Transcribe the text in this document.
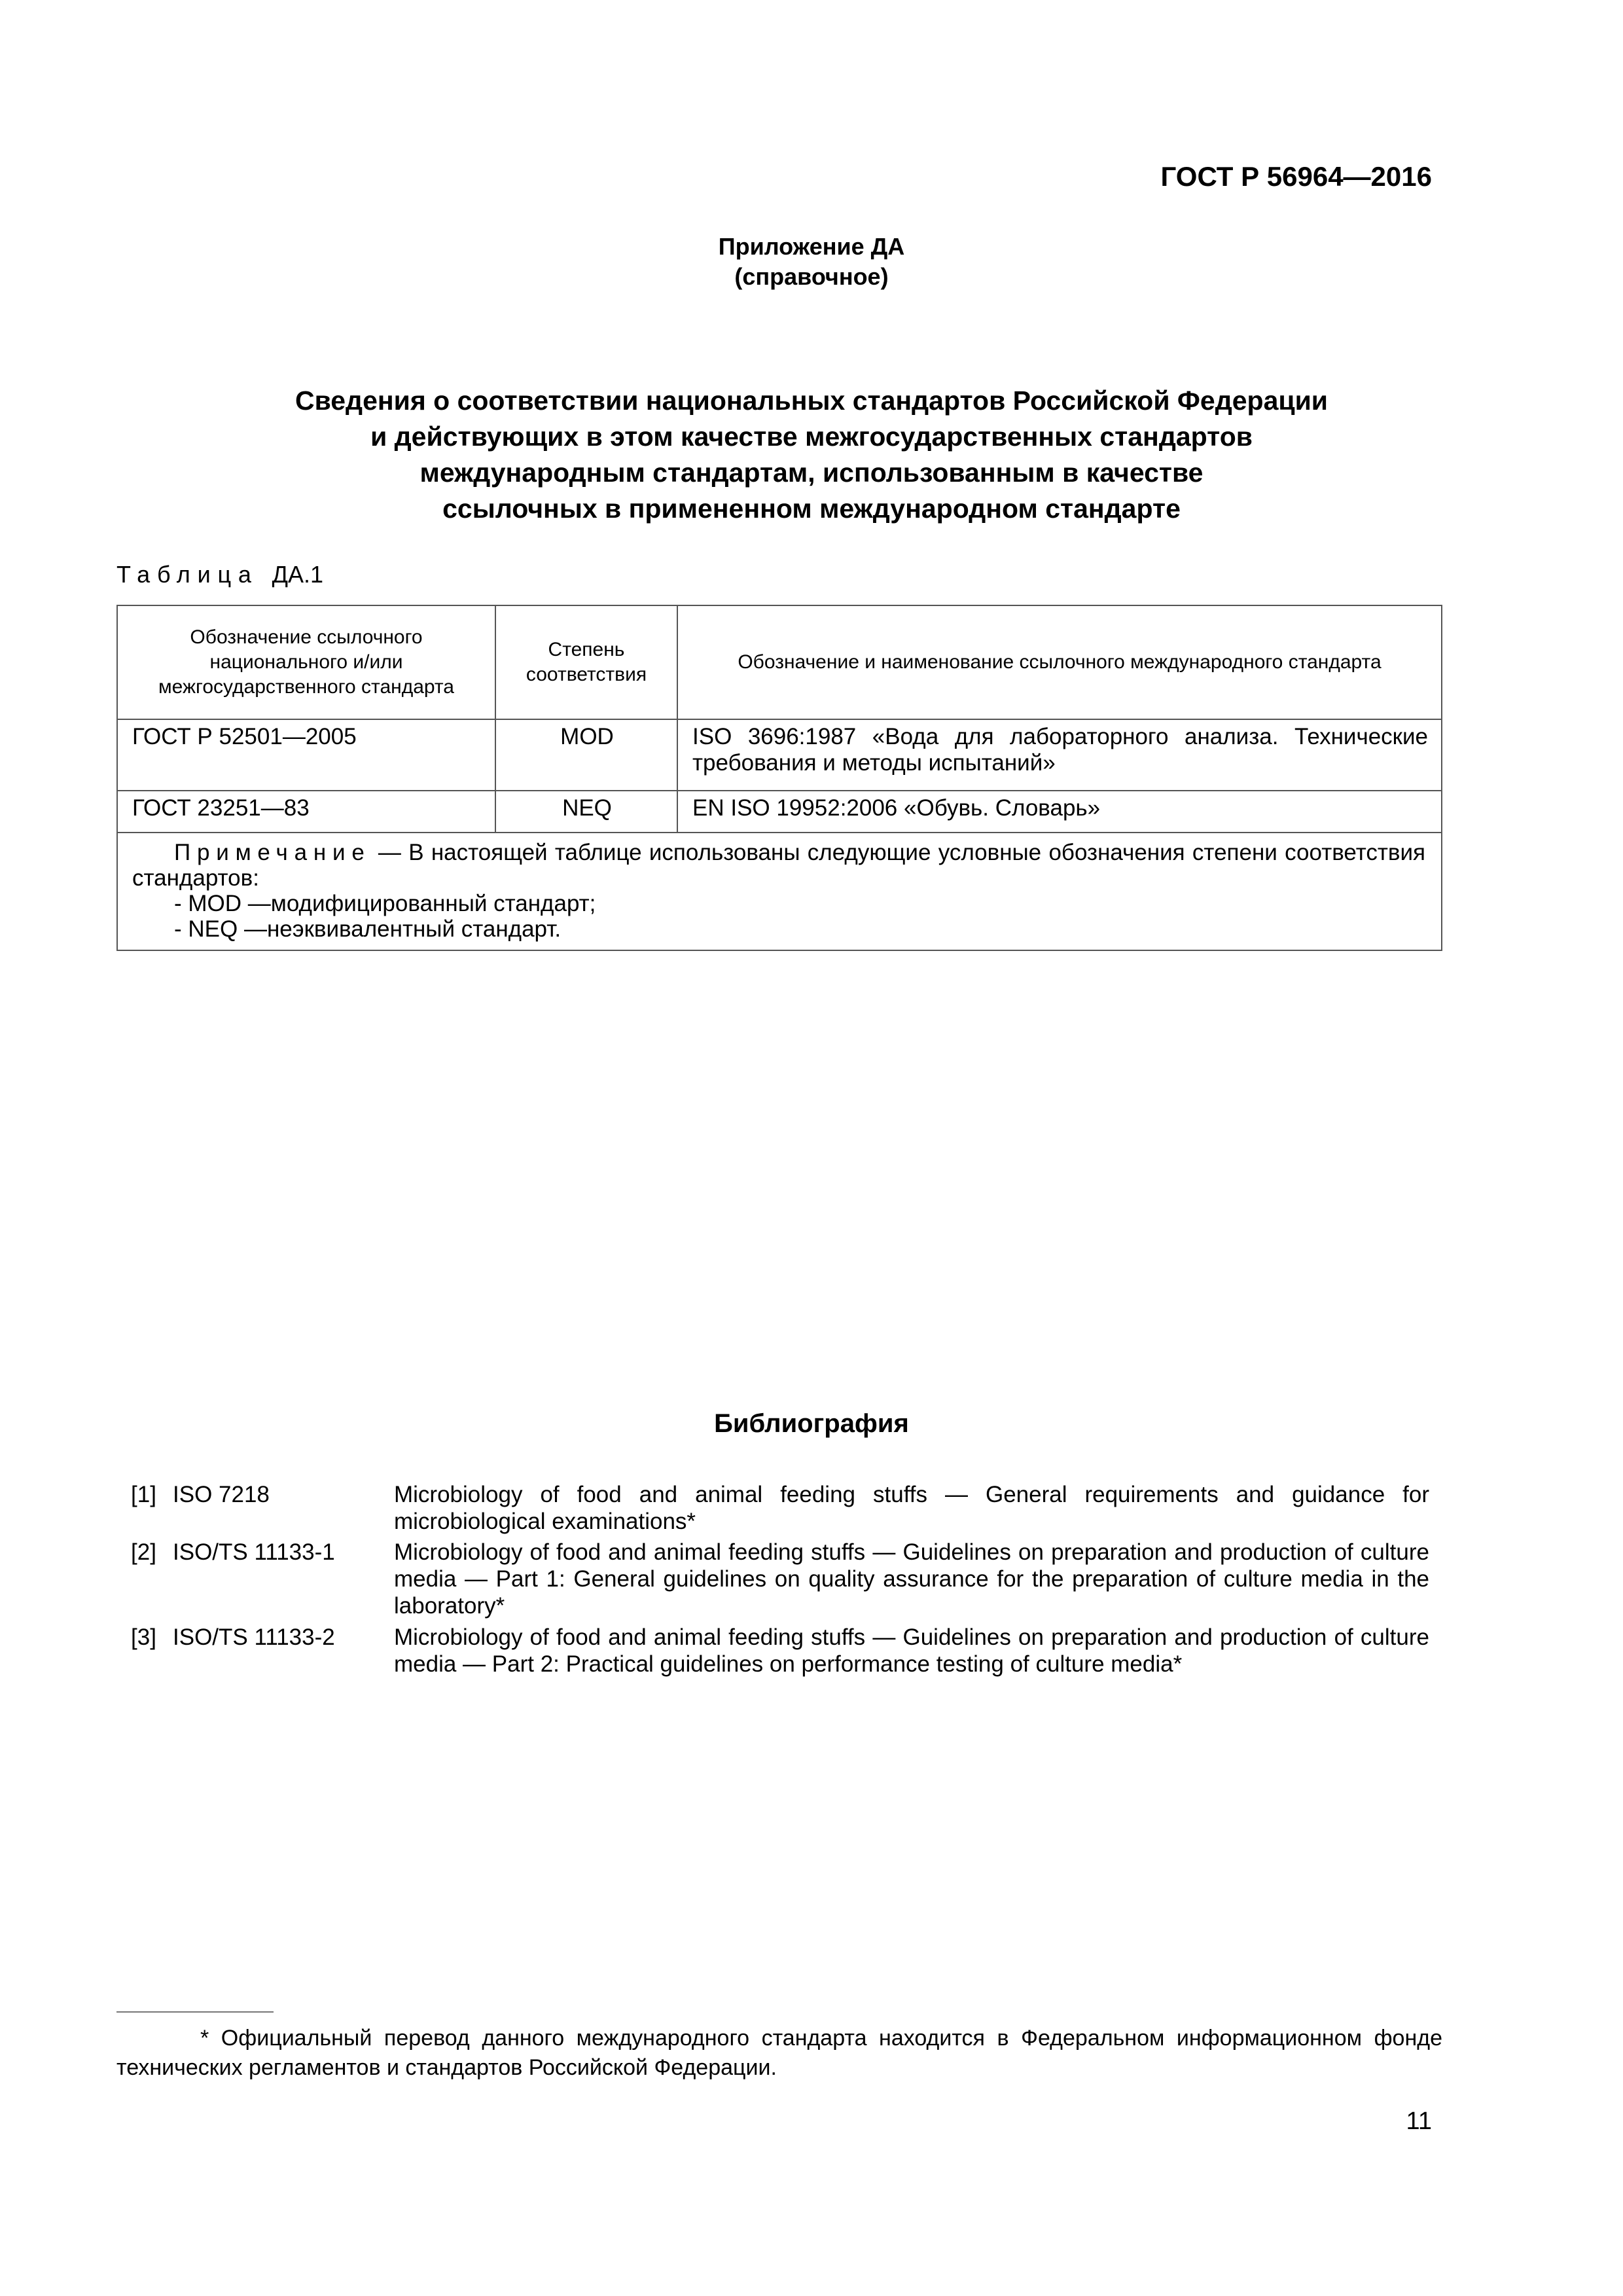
ГОСТ Р 56964—2016
Приложение ДА
(справочное)
Сведения о соответствии национальных стандартов Российской Федерации
и действующих в этом качестве межгосударственных стандартов
международным стандартам, использованным в качестве
ссылочных в примененном международном стандарте
Таблица ДА.1
Обозначение ссылочного национального и/или межгосударственного стандарта	Степень соответствия	Обозначение и наименование ссылочного международного стандарта
ГОСТ Р 52501—2005	MOD	ISO 3696:1987 «Вода для лабораторного анализа. Технические требования и методы испытаний»
ГОСТ 23251—83	NEQ	EN ISO 19952:2006 «Обувь. Словарь»

Примечание — В настоящей таблице использованы следующие условные обозначения степени соответствия стандартов:
- MOD —модифицированный стандарт;
- NEQ —неэквивалентный стандарт.		
Библиография
[1] ISO 7218	Microbiology of food and animal feeding stuffs — General requirements and guidance for microbiological examinations*
[2] ISO/TS 11133-1	Microbiology of food and animal feeding stuffs — Guidelines on preparation and production of culture media — Part 1: General guidelines on quality assurance for the preparation of culture media in the laboratory*
[3] ISO/TS 11133-2	Microbiology of food and animal feeding stuffs — Guidelines on preparation and production of culture media — Part 2: Practical guidelines on performance testing of culture media*
* Официальный перевод данного международного стандарта находится в Федеральном информационном фонде технических регламентов и стандартов Российской Федерации.
11
